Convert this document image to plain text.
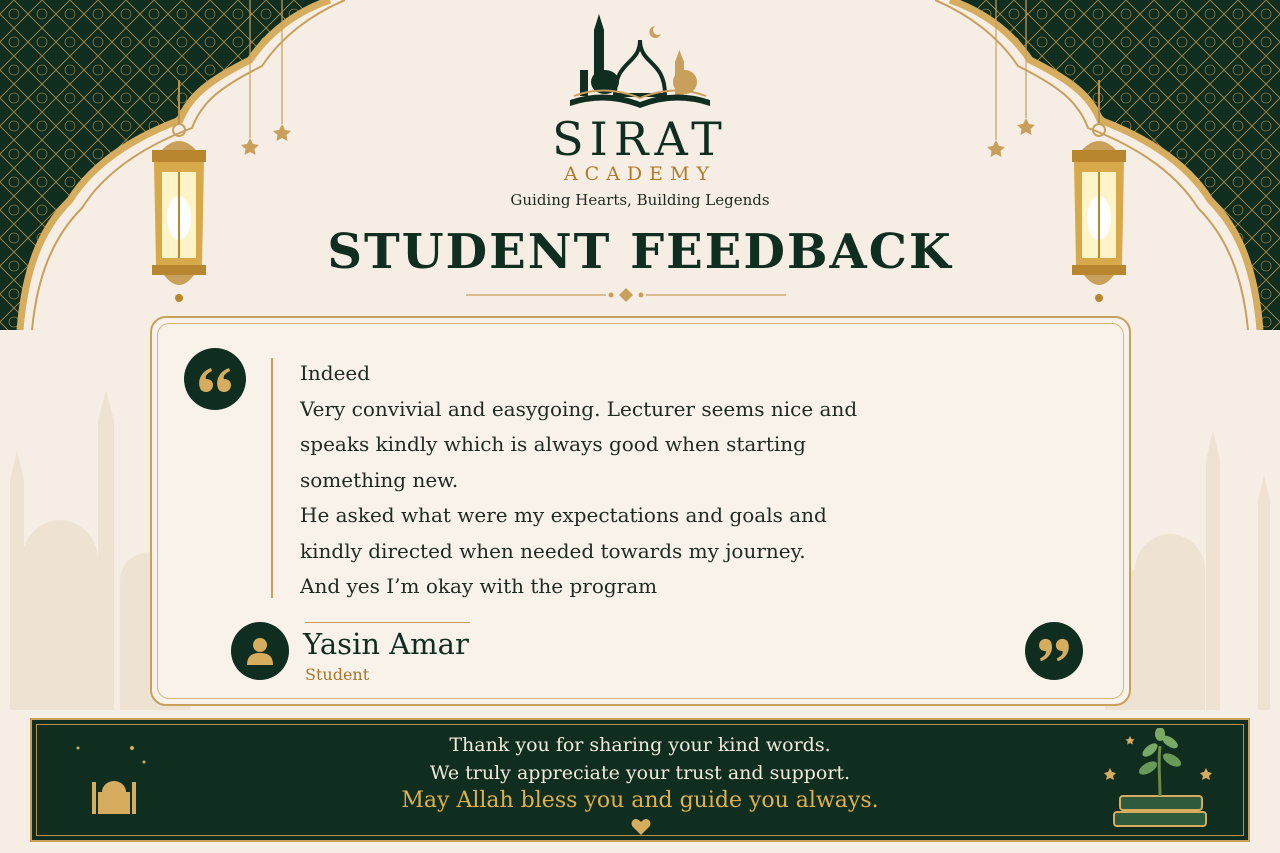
SIRAT
ACADEMY
Guiding Hearts, Building Legends
STUDENT FEEDBACK
Indeed
Very convivial and easygoing. Lecturer seems nice and
speaks kindly which is always good when starting
something new.
He asked what were my expectations and goals and
kindly directed when needed towards my journey.
And yes I’m okay with the program
Yasin Amar
Student
Thank you for sharing your kind words.
We truly appreciate your trust and support.
May Allah bless you and guide you always.
